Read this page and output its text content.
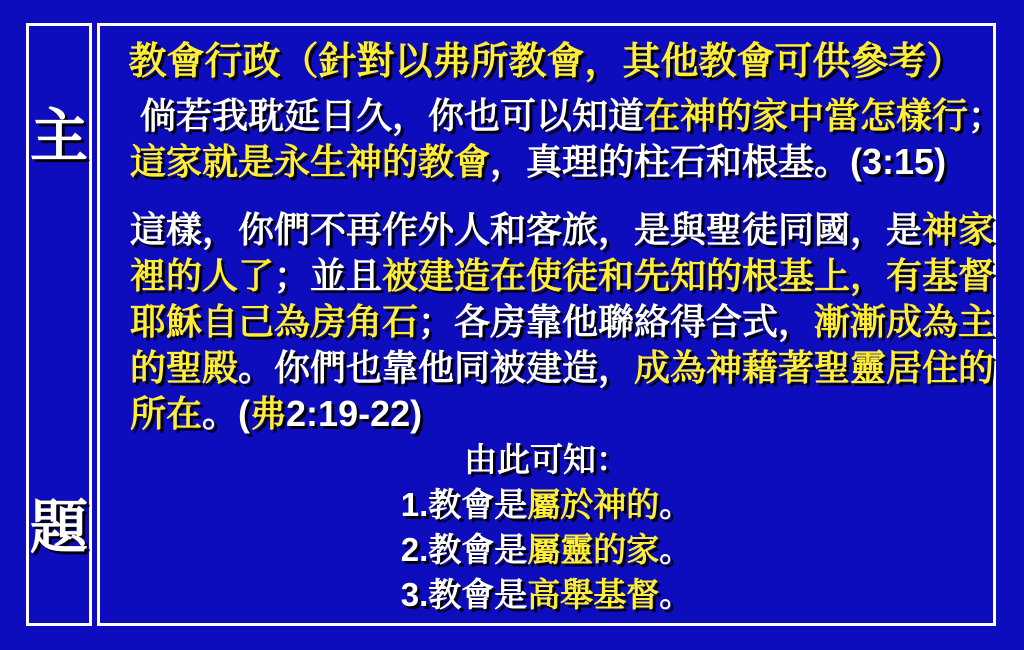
主
題
教會行政（針對以弗所教會，其他教會可供參考）
倘若我耽延日久，你也可以知道在神的家中當怎樣行；
這家就是永生神的教會，真理的柱石和根基。(3:15)
這樣，你們不再作外人和客旅，是與聖徒同國，是神家
裡的人了；並且被建造在使徒和先知的根基上，有基督
耶穌自己為房角石；各房靠他聯絡得合式，漸漸成為主
的聖殿。你們也靠他同被建造，成為神藉著聖靈居住的
所在。(弗2:19-22)
由此可知：
1.教會是屬於神的。
2.教會是屬靈的家。
3.教會是高舉基督。
